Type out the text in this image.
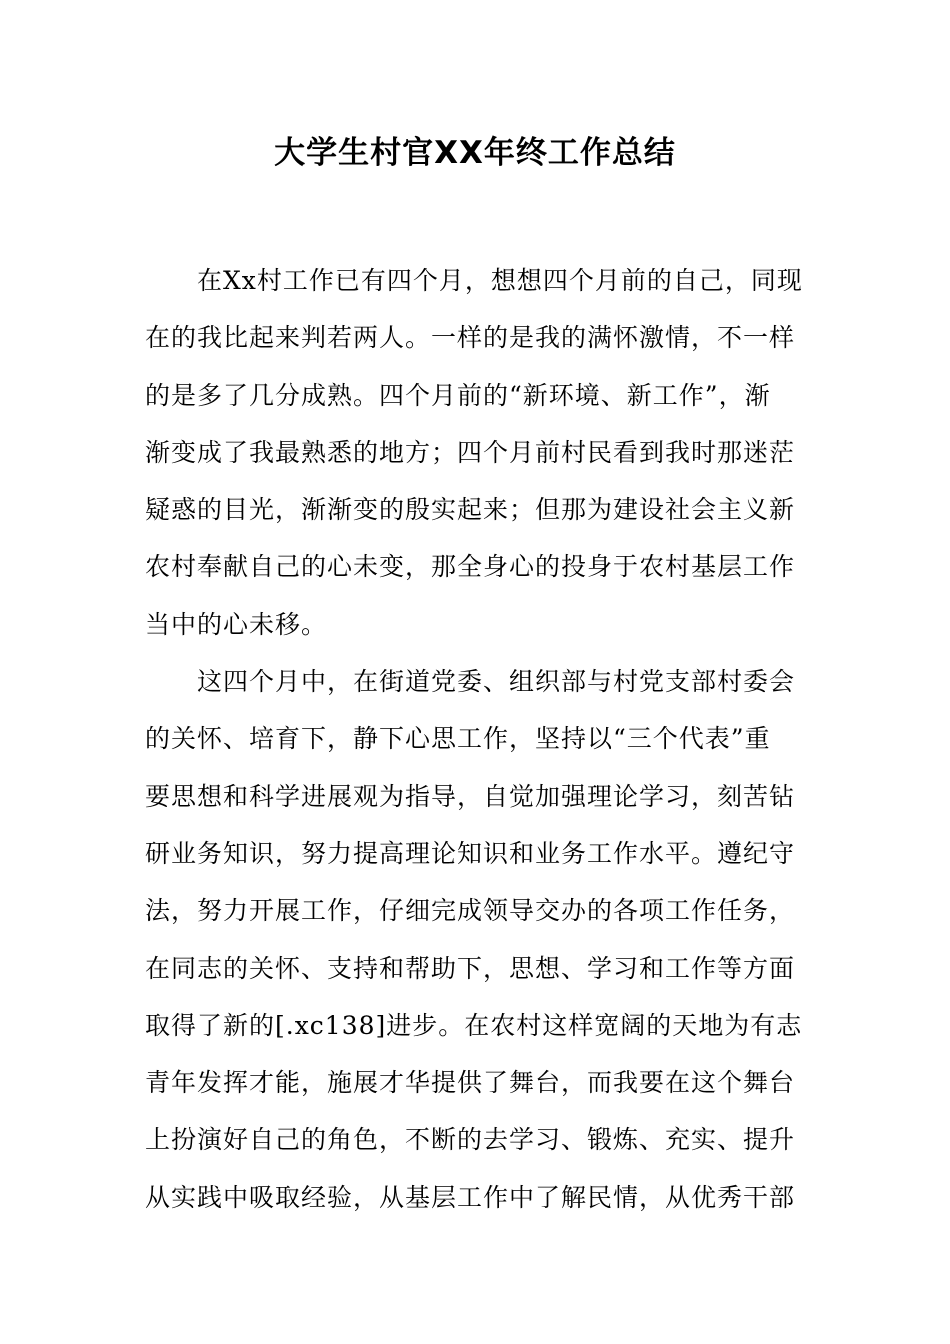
大学生村官XX年终工作总结

在Xx村工作已有四个月，想想四个月前的自己，同现
在的我比起来判若两人。一样的是我的满怀激情，不一样
的是多了几分成熟。四个月前的“新环境、新工作”，渐
渐变成了我最熟悉的地方；四个月前村民看到我时那迷茫
疑惑的目光，渐渐变的殷实起来；但那为建设社会主义新
农村奉献自己的心未变，那全身心的投身于农村基层工作
当中的心未移。

这四个月中，在街道党委、组织部与村党支部村委会
的关怀、培育下，静下心思工作，坚持以“三个代表”重
要思想和科学进展观为指导，自觉加强理论学习，刻苦钻
研业务知识，努力提高理论知识和业务工作水平。遵纪守
法，努力开展工作，仔细完成领导交办的各项工作任务，
在同志的关怀、支持和帮助下，思想、学习和工作等方面
取得了新的[.xc138]进步。在农村这样宽阔的天地为有志
青年发挥才能，施展才华提供了舞台，而我要在这个舞台
上扮演好自己的角色，不断的去学习、锻炼、充实、提升
从实践中吸取经验，从基层工作中了解民情，从优秀干部
